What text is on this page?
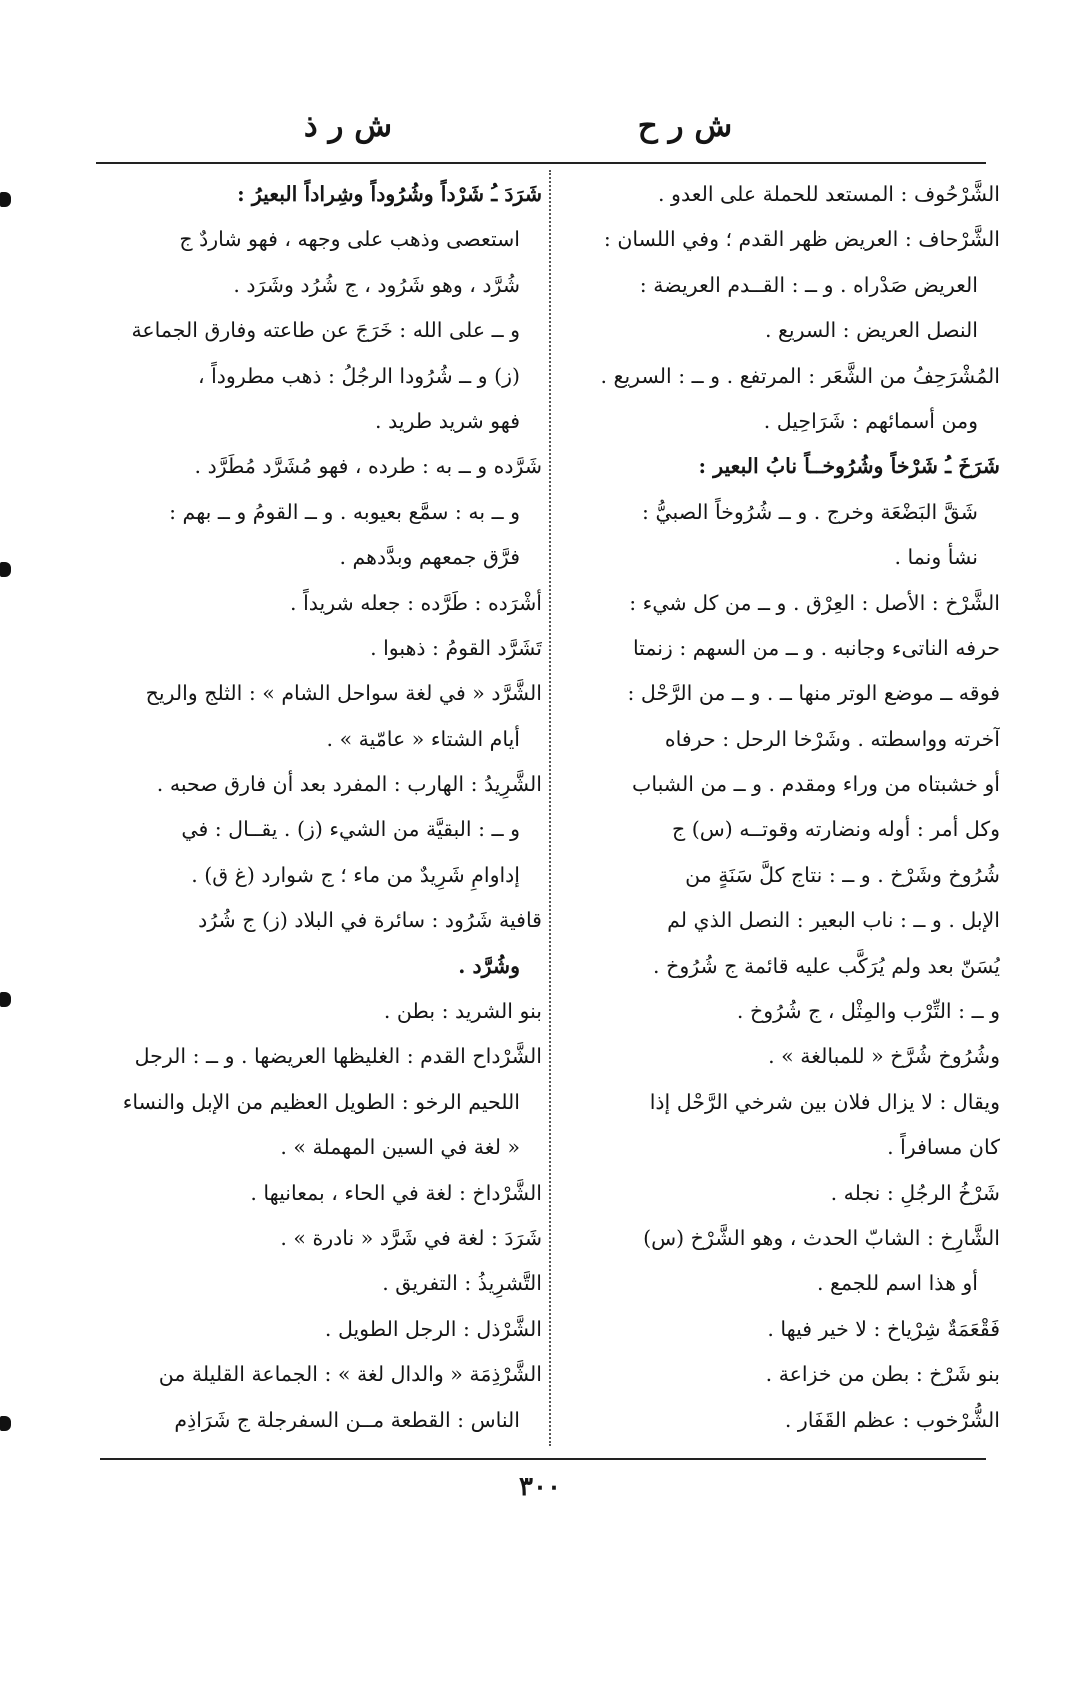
ش ر ح
ش ر ذ
الشَّرْحُوف : المستعد للحملة على العدو .
الشَّرْحاف : العريض ظهر القدم ؛ وفي اللسان :
العريض صَدْراه . و ــ : القــدم العريضة :
النصل العريض : السريع .
المُشْرَحِفُ من الشَّعَر : المرتفع . و ــ : السريع .
ومن أسمائهم : شَرَاحِيل .
شَرَخَ ـُ شَرْخاً وشُرُوخــاً نابُ البعير :
شَقَّ البَضْعَة وخرج . و ــ شُرُوخاً الصبيُّ :
نشأ ونما .
الشَّرْخ : الأصل : العِرْق . و ــ من كل شيء :
حرفه الناتىء وجانبه . و ــ من السهم : زنمتا
فوقه ــ موضع الوتر منها ــ . و ــ من الرَّحْل :
آخرته وواسطته . وشَرْخا الرحل : حرفاه
أو خشبتاه من وراء ومقدم . و ــ من الشباب
وكل أمر : أوله ونضارته وقوتــه (س) ج
شُرُوخ وشَرْخ . و ــ : نتاج كلَّ سَنَةٍ من
الإبل . و ــ : ناب البعير : النصل الذي لم
يُسَنّ بعد ولم يُرَكَّب عليه قائمة ج شُرُوخ .
و ــ : التِّرْب والمِثْل ، ج شُرُوخ .
وشُرُوخ شُرَّخ « للمبالغة » .
ويقال : لا يزال فلان بين شرخي الرَّحْل إذا
كان مسافراً .
شَرْخُ الرجُلِ : نجله .
الشَّارِخ : الشابّ الحدث ، وهو الشَّرْخ (س)
أو هذا اسم للجمع .
فَقْعَمَةٌ شِرْياخ : لا خير فيها .
بنو شَرْخ : بطن من خزاعة .
الشُّرْخوب : عظم القَفَار .
شَرَدَ ـُ شَرْداً وشُرُوداً وشِراداً البعيرُ :
استعصى وذهب على وجهه ، فهو شاردٌ ج
شُرَّد ، وهو شَرُود ، ج شُرُد وشَرَد .
و ــ على الله : خَرَجَ عن طاعته وفارق الجماعة
(ز) و ــ شُرُودا الرجُلُ : ذهب مطروداً ،
فهو شريد طريد .
شَرَّده و ــ به : طرده ، فهو مُشَرَّد مُطَرَّد .
و ــ به : سمَّع بعيوبه . و ــ القومُ و ــ بهم :
فرَّق جمعهم وبدَّدهم .
أشْرَده : طَرَّده : جعله شريداً .
تَشَرَّد القومُ : ذهبوا .
الشَّرَّد « في لغة سواحل الشام » : الثلج والريح
أيام الشتاء « عامّية » .
الشَّرِيدُ : الهارب : المفرد بعد أن فارق صحبه .
و ــ : البقيَّة من الشيء (ز) . يقــال : في
إداوامِ شَرِيدٌ من ماء ؛ ج شوارد (غ ق) .
قافية شَرُود : سائرة في البلاد (ز) ج شُرُد
وشُرَّد .
بنو الشريد : بطن .
الشَّرْداح القدم : الغليظها العريضها . و ــ : الرجل
اللحيم الرخو : الطويل العظيم من الإبل والنساء
« لغة في السين المهملة » .
الشَّرْداخ : لغة في الحاء ، بمعانيها .
شَرَدَ : لغة في شَرَّد « نادرة » .
التَّشرِيذُ : التفريق .
الشَّرْذل : الرجل الطويل .
الشَّرْذِمَة « والدال لغة » : الجماعة القليلة من
الناس : القطعة مــن السفرجلة ج شَرَاذِم
٣٠٠
